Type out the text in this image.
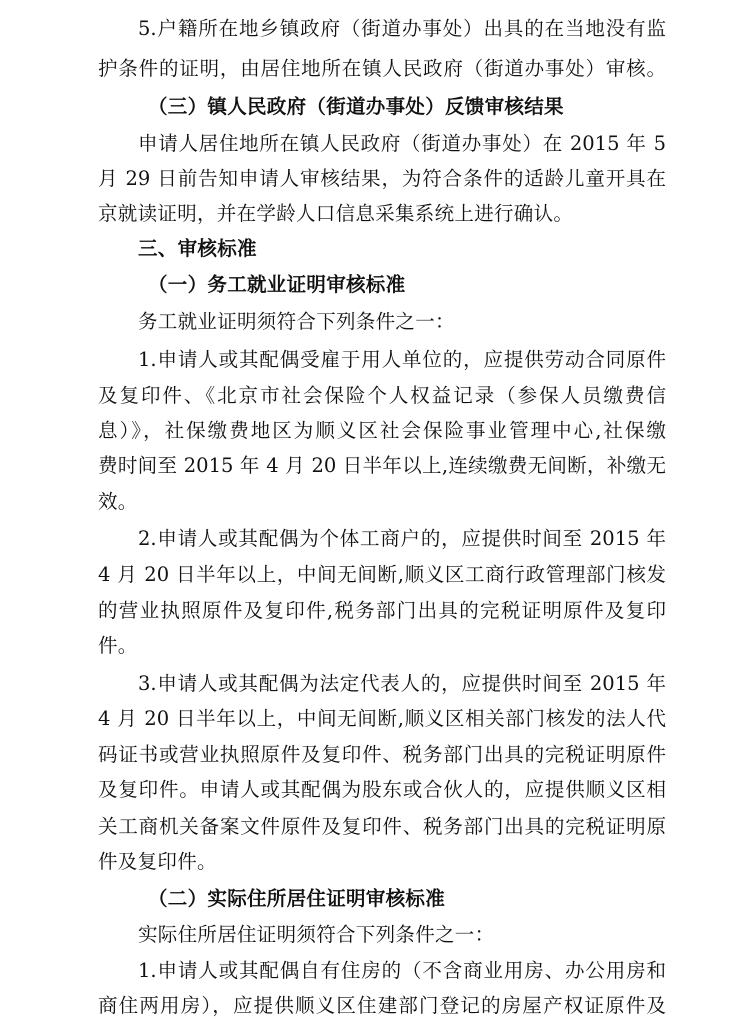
5.户籍所在地乡镇政府（街道办事处）出具的在当地没有监
护条件的证明，由居住地所在镇人民政府（街道办事处）审核。
（三）镇人民政府（街道办事处）反馈审核结果
申请人居住地所在镇人民政府（街道办事处）在 2015 年 5
月 29 日前告知申请人审核结果，为符合条件的适龄儿童开具在
京就读证明，并在学龄人口信息采集系统上进行确认。
三、审核标准
（一）务工就业证明审核标准
务工就业证明须符合下列条件之一：
1.申请人或其配偶受雇于用人单位的，应提供劳动合同原件
及复印件、《北京市社会保险个人权益记录（参保人员缴费信
息）》，社保缴费地区为顺义区社会保险事业管理中心,社保缴
费时间至 2015 年 4 月 20 日半年以上,连续缴费无间断，补缴无
效。
2.申请人或其配偶为个体工商户的，应提供时间至 2015 年
4 月 20 日半年以上，中间无间断,顺义区工商行政管理部门核发
的营业执照原件及复印件,税务部门出具的完税证明原件及复印
件。
3.申请人或其配偶为法定代表人的，应提供时间至 2015 年
4 月 20 日半年以上，中间无间断,顺义区相关部门核发的法人代
码证书或营业执照原件及复印件、税务部门出具的完税证明原件
及复印件。申请人或其配偶为股东或合伙人的，应提供顺义区相
关工商机关备案文件原件及复印件、税务部门出具的完税证明原
件及复印件。
（二）实际住所居住证明审核标准
实际住所居住证明须符合下列条件之一：
1.申请人或其配偶自有住房的（不含商业用房、办公用房和
商住两用房），应提供顺义区住建部门登记的房屋产权证原件及
